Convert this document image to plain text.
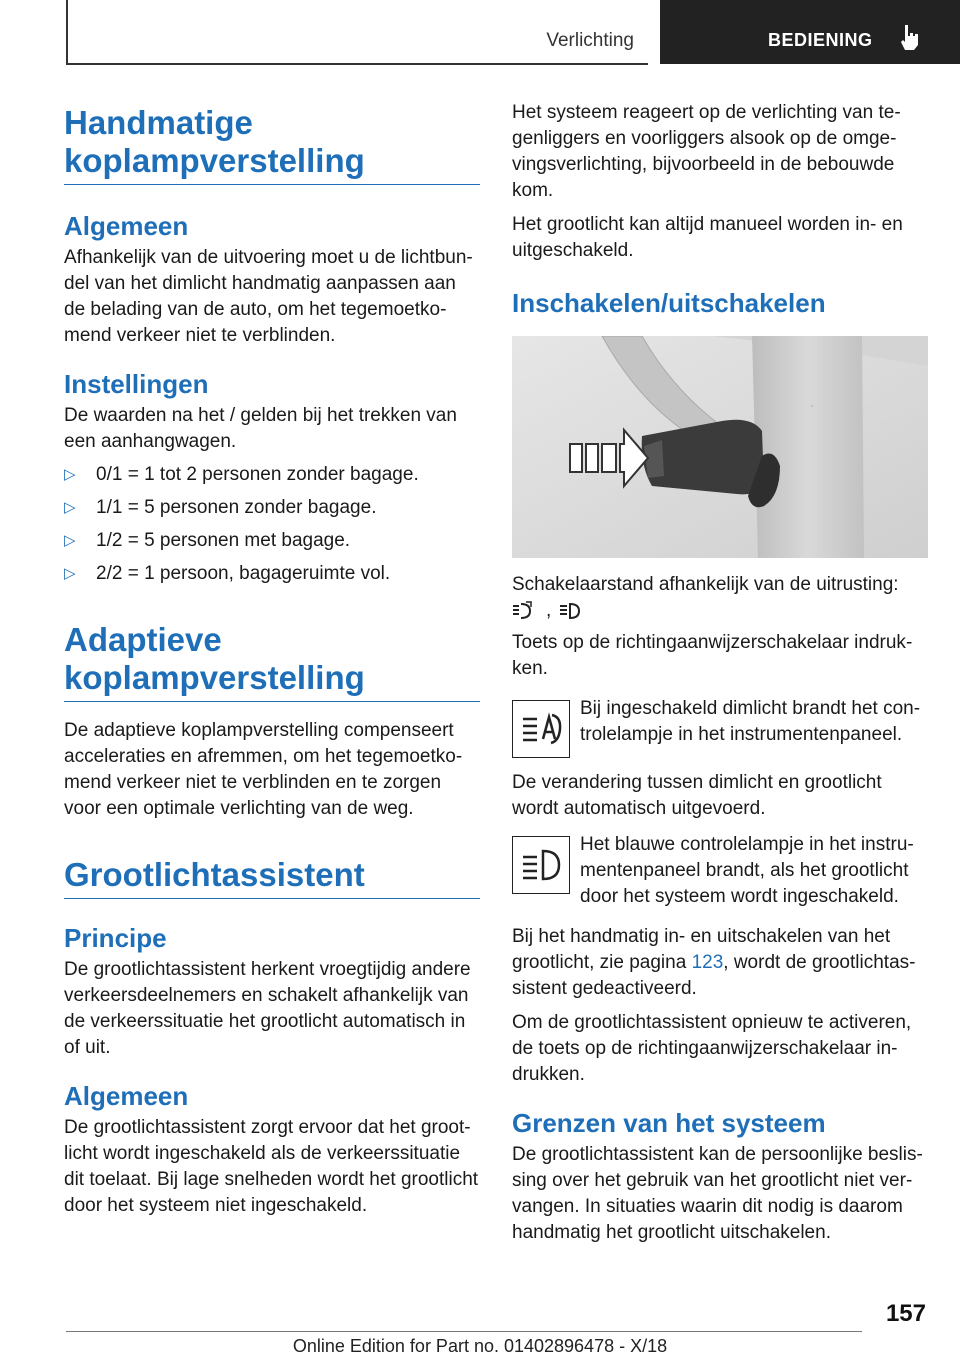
Verlichting	BEDIENING
Handmatige koplampverstelling
Algemeen

Afhankelijk van de uitvoering moet u de lichtbundel van het dimlicht handmatig aanpassen aan de belading van de auto, om het tegemoetkomend verkeer niet te verblinden.

Instellingen

De waarden na het / gelden bij het trekken van een aanhangwagen.

▷ 0/1 = 1 tot 2 personen zonder bagage.
▷ 1/1 = 5 personen zonder bagage.
▷ 1/2 = 5 personen met bagage.
▷ 2/2 = 1 persoon, bagageruimte vol.
Adaptieve koplampverstelling

De adaptieve koplampverstelling compenseert acceleraties en afremmen, om het tegemoetkomend verkeer niet te verblinden en te zorgen voor een optimale verlichting van de weg.

Grootlichtassistent
Principe

De grootlichtassistent herkent vroegtijdig andere verkeersdeelnemers en schakelt afhankelijk van de verkeerssituatie het grootlicht automatisch in of uit.

Algemeen

De grootlichtassistent zorgt ervoor dat het grootlicht wordt ingeschakeld als de verkeerssituatie dit toelaat. Bij lage snelheden wordt het grootlicht door het systeem niet ingeschakeld.

Het systeem reageert op de verlichting van tegenliggers en voorliggers alsook op de omgevingsverlichting, bijvoorbeeld in de bebouwde kom.

Het grootlicht kan altijd manueel worden in- en uitgeschakeld.

Inschakelen/uitschakelen

Schakelaarstand afhankelijk van de uitrusting:

,

Toets op de richtingaanwijzerschakelaar indrukken.

Bij ingeschakeld dimlicht brandt het controlelampje in het instrumentenpaneel.

De verandering tussen dimlicht en grootlicht wordt automatisch uitgevoerd.

Het blauwe controlelampje in het instrumentenpaneel brandt, als het grootlicht door het systeem wordt ingeschakeld.

Bij het handmatig in- en uitschakelen van het grootlicht, zie pagina 123, wordt de grootlichtassistent gedeactiveerd.

Om de grootlichtassistent opnieuw te activeren, de toets op de richtingaanwijzerschakelaar indrukken.

Grenzen van het systeem

De grootlichtassistent kan de persoonlijke beslissing over het gebruik van het grootlicht niet vervangen. In situaties waarin dit nodig is daarom handmatig het grootlicht uitschakelen.

157
Online Edition for Part no. 01402896478 - X/18
